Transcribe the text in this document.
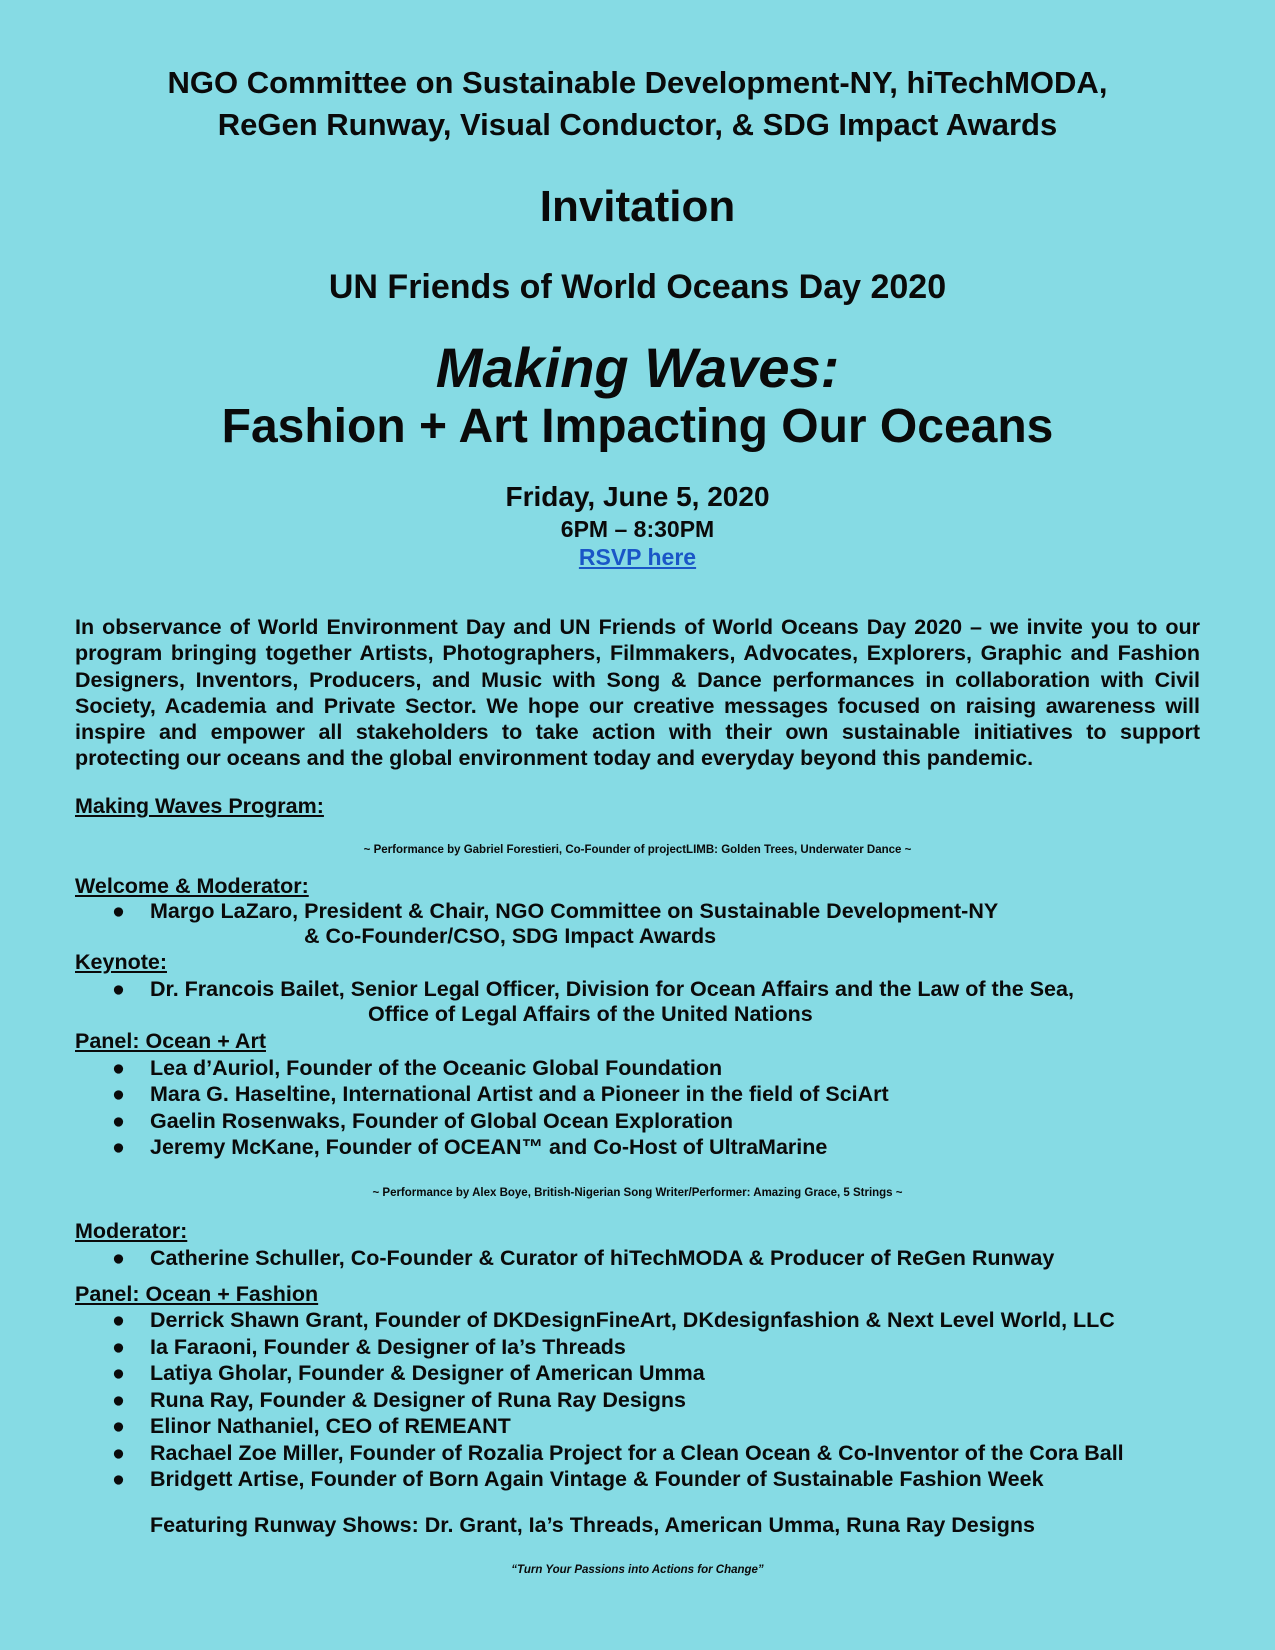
NGO Committee on Sustainable Development-NY, hiTechMODA,
ReGen Runway, Visual Conductor, & SDG Impact Awards
Invitation
UN Friends of World Oceans Day 2020
Making Waves:
Fashion + Art Impacting Our Oceans
Friday, June 5, 2020
6PM – 8:30PM
RSVP here
In observance of World Environment Day and UN Friends of World Oceans Day 2020 – we invite you to our program bringing together Artists, Photographers, Filmmakers, Advocates, Explorers, Graphic and Fashion Designers, Inventors, Producers, and Music with Song & Dance performances in collaboration with Civil Society, Academia and Private Sector. We hope our creative messages focused on raising awareness will inspire and empower all stakeholders to take action with their own sustainable initiatives to support protecting our oceans and the global environment today and everyday beyond this pandemic.
Making Waves Program:
~ Performance by Gabriel Forestieri, Co-Founder of projectLIMB: Golden Trees, Underwater Dance ~
Welcome & Moderator:
● Margo LaZaro, President & Chair, NGO Committee on Sustainable Development-NY
& Co-Founder/CSO, SDG Impact Awards
Keynote:
● Dr. Francois Bailet, Senior Legal Officer, Division for Ocean Affairs and the Law of the Sea,
Office of Legal Affairs of the United Nations
Panel: Ocean + Art
● Lea d’Auriol, Founder of the Oceanic Global Foundation
● Mara G. Haseltine, International Artist and a Pioneer in the field of SciArt
● Gaelin Rosenwaks, Founder of Global Ocean Exploration
● Jeremy McKane, Founder of OCEAN™ and Co-Host of UltraMarine
~ Performance by Alex Boye, British-Nigerian Song Writer/Performer: Amazing Grace, 5 Strings ~
Moderator:
● Catherine Schuller, Co-Founder & Curator of hiTechMODA & Producer of ReGen Runway
Panel: Ocean + Fashion
● Derrick Shawn Grant, Founder of DKDesignFineArt, DKdesignfashion & Next Level World, LLC
● Ia Faraoni, Founder & Designer of Ia’s Threads
● Latiya Gholar, Founder & Designer of American Umma
● Runa Ray, Founder & Designer of Runa Ray Designs
● Elinor Nathaniel, CEO of REMEANT
● Rachael Zoe Miller, Founder of Rozalia Project for a Clean Ocean & Co-Inventor of the Cora Ball
● Bridgett Artise, Founder of Born Again Vintage & Founder of Sustainable Fashion Week
Featuring Runway Shows: Dr. Grant, Ia’s Threads, American Umma, Runa Ray Designs
“Turn Your Passions into Actions for Change”
